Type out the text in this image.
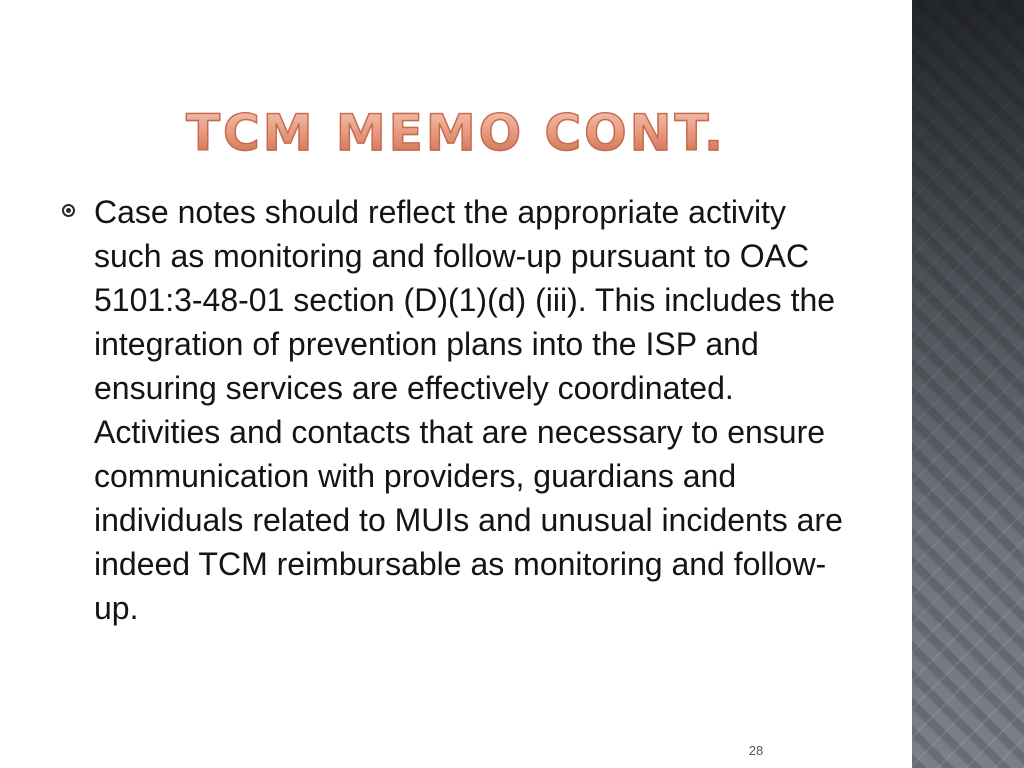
TCM MEMO CONT.
Case notes should reflect the appropriate activity such as monitoring and follow-up pursuant to OAC 5101:3-48-01 section (D)(1)(d) (iii). This includes the integration of prevention plans into the ISP and ensuring services are effectively coordinated. Activities and contacts that are necessary to ensure communication with providers, guardians and individuals related to MUIs and unusual incidents are indeed TCM reimbursable as monitoring and follow-up.
28
